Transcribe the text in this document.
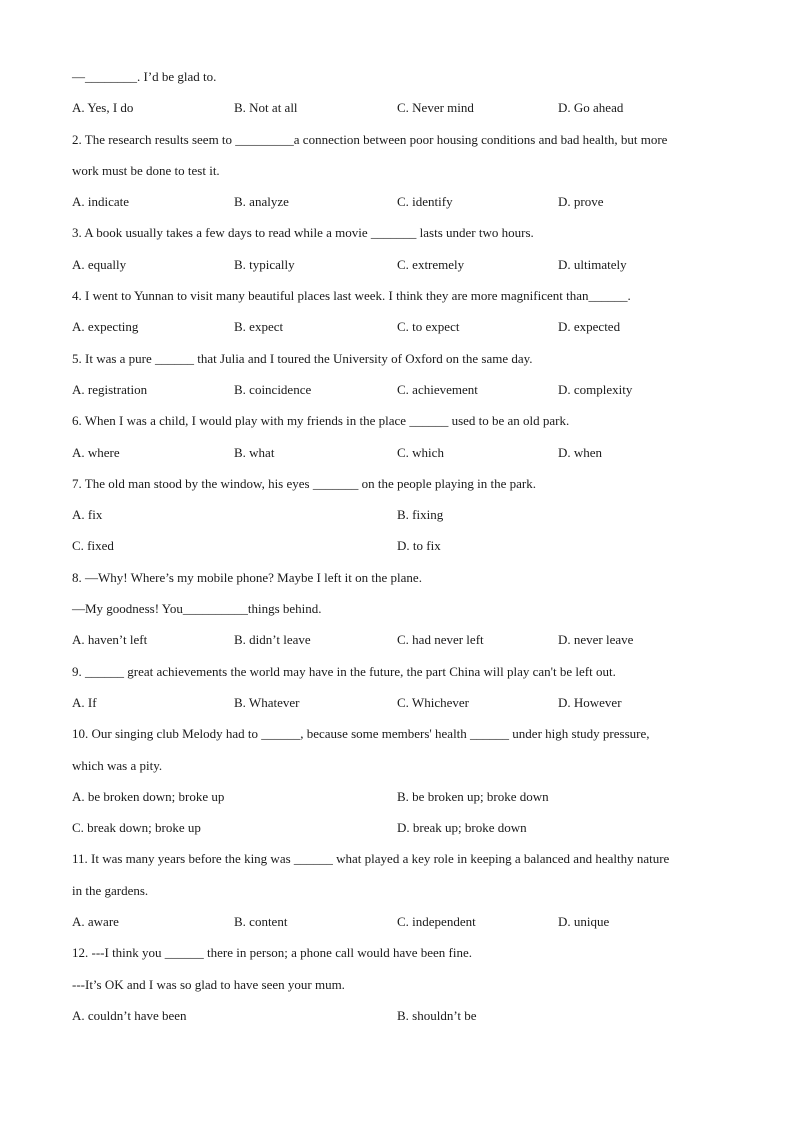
—________. I’d be glad to.
A. Yes, I do	B. Not at all	C. Never mind	D. Go ahead
2. The research results seem to _________a connection between poor housing conditions and bad health, but more
work must be done to test it.
A. indicate	B. analyze	C. identify	D. prove
3. A book usually takes a few days to read while a movie _______ lasts under two hours.
A. equally	B. typically	C. extremely	D. ultimately
4. I went to Yunnan to visit many beautiful places last week. I think they are more magnificent than______.
A. expecting	B. expect	C. to expect	D. expected
5. It was a pure ______ that Julia and I toured the University of Oxford on the same day.
A. registration	B. coincidence	C. achievement	D. complexity
6. When I was a child, I would play with my friends in the place ______ used to be an old park.
A. where	B. what	C. which	D. when
7. The old man stood by the window, his eyes _______ on the people playing in the park.
A. fix	B. fixing
C. fixed	D. to fix
8. —Why! Where’s my mobile phone? Maybe I left it on the plane.
—My goodness! You__________things behind.
A. haven’t left	B. didn’t leave	C. had never left	D. never leave
9. ______ great achievements the world may have in the future, the part China will play can't be left out.
A. If	B. Whatever	C. Whichever	D. However
10. Our singing club Melody had to ______, because some members' health ______ under high study pressure,
which was a pity.
A. be broken down; broke up	B. be broken up; broke down
C. break down; broke up	D. break up; broke down
11. It was many years before the king was ______ what played a key role in keeping a balanced and healthy nature
in the gardens.
A. aware	B. content	C. independent	D. unique
12. ---I think you ______ there in person; a phone call would have been fine.
---It’s OK and I was so glad to have seen your mum.
A. couldn’t have been	B. shouldn’t be
